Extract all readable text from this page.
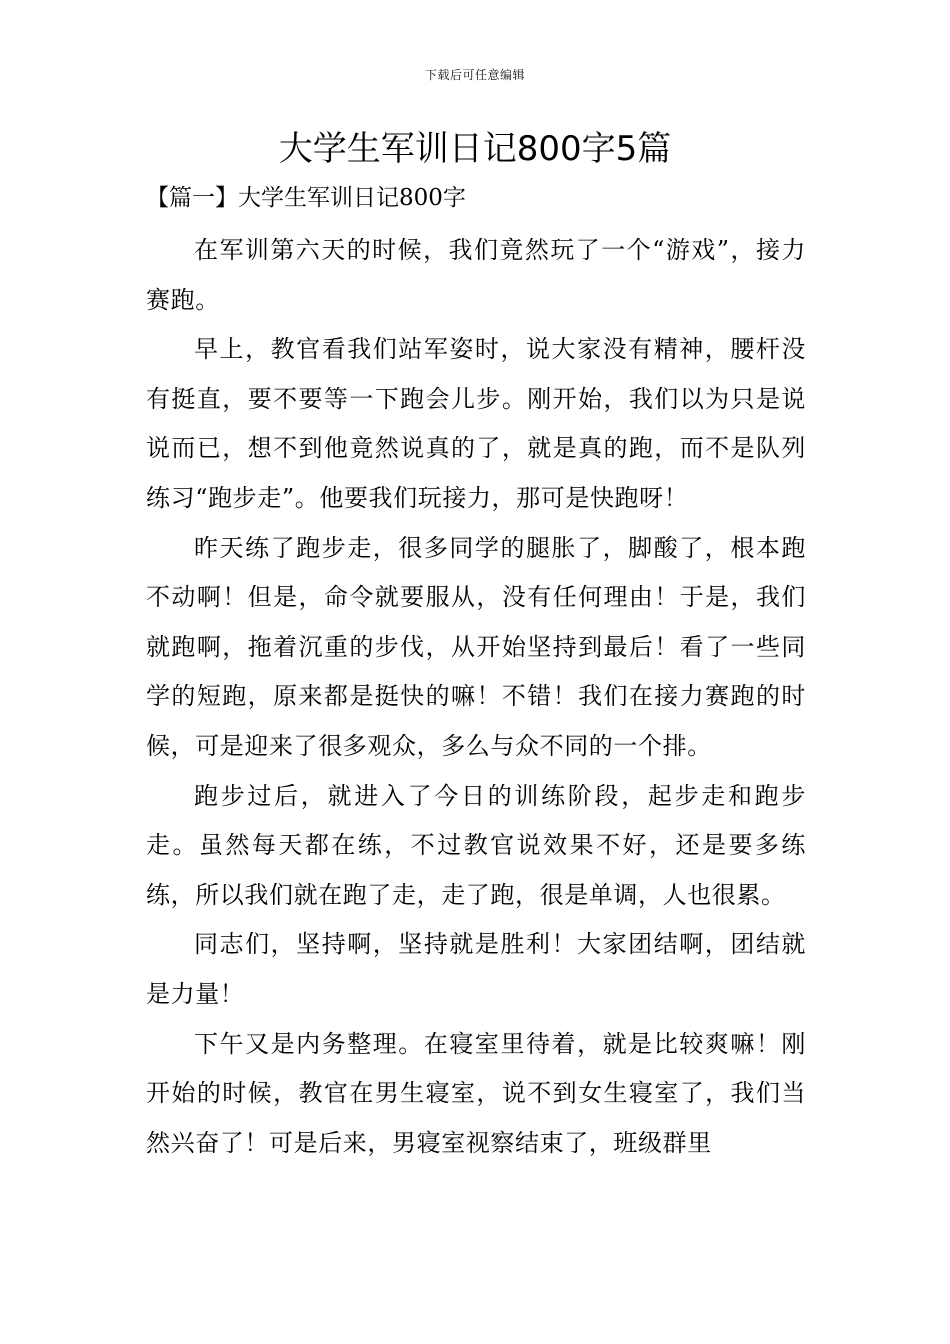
下载后可任意编辑
大学生军训日记800字5篇
【篇一】大学生军训日记800字

在军训第六天的时候，我们竟然玩了一个“游戏”，接力赛跑。

早上，教官看我们站军姿时，说大家没有精神，腰杆没有挺直，要不要等一下跑会儿步。刚开始，我们以为只是说说而已，想不到他竟然说真的了，就是真的跑，而不是队列练习“跑步走”。他要我们玩接力，那可是快跑呀！

昨天练了跑步走，很多同学的腿胀了，脚酸了，根本跑不动啊！但是，命令就要服从，没有任何理由！于是，我们就跑啊，拖着沉重的步伐，从开始坚持到最后！看了一些同学的短跑，原来都是挺快的嘛！不错！我们在接力赛跑的时候，可是迎来了很多观众，多么与众不同的一个排。

跑步过后，就进入了今日的训练阶段，起步走和跑步走。虽然每天都在练，不过教官说效果不好，还是要多练练，所以我们就在跑了走，走了跑，很是单调，人也很累。

同志们，坚持啊，坚持就是胜利！大家团结啊，团结就是力量！

下午又是内务整理。在寝室里待着，就是比较爽嘛！刚开始的时候，教官在男生寝室，说不到女生寝室了，我们当然兴奋了！可是后来，男寝室视察结束了，班级群里
